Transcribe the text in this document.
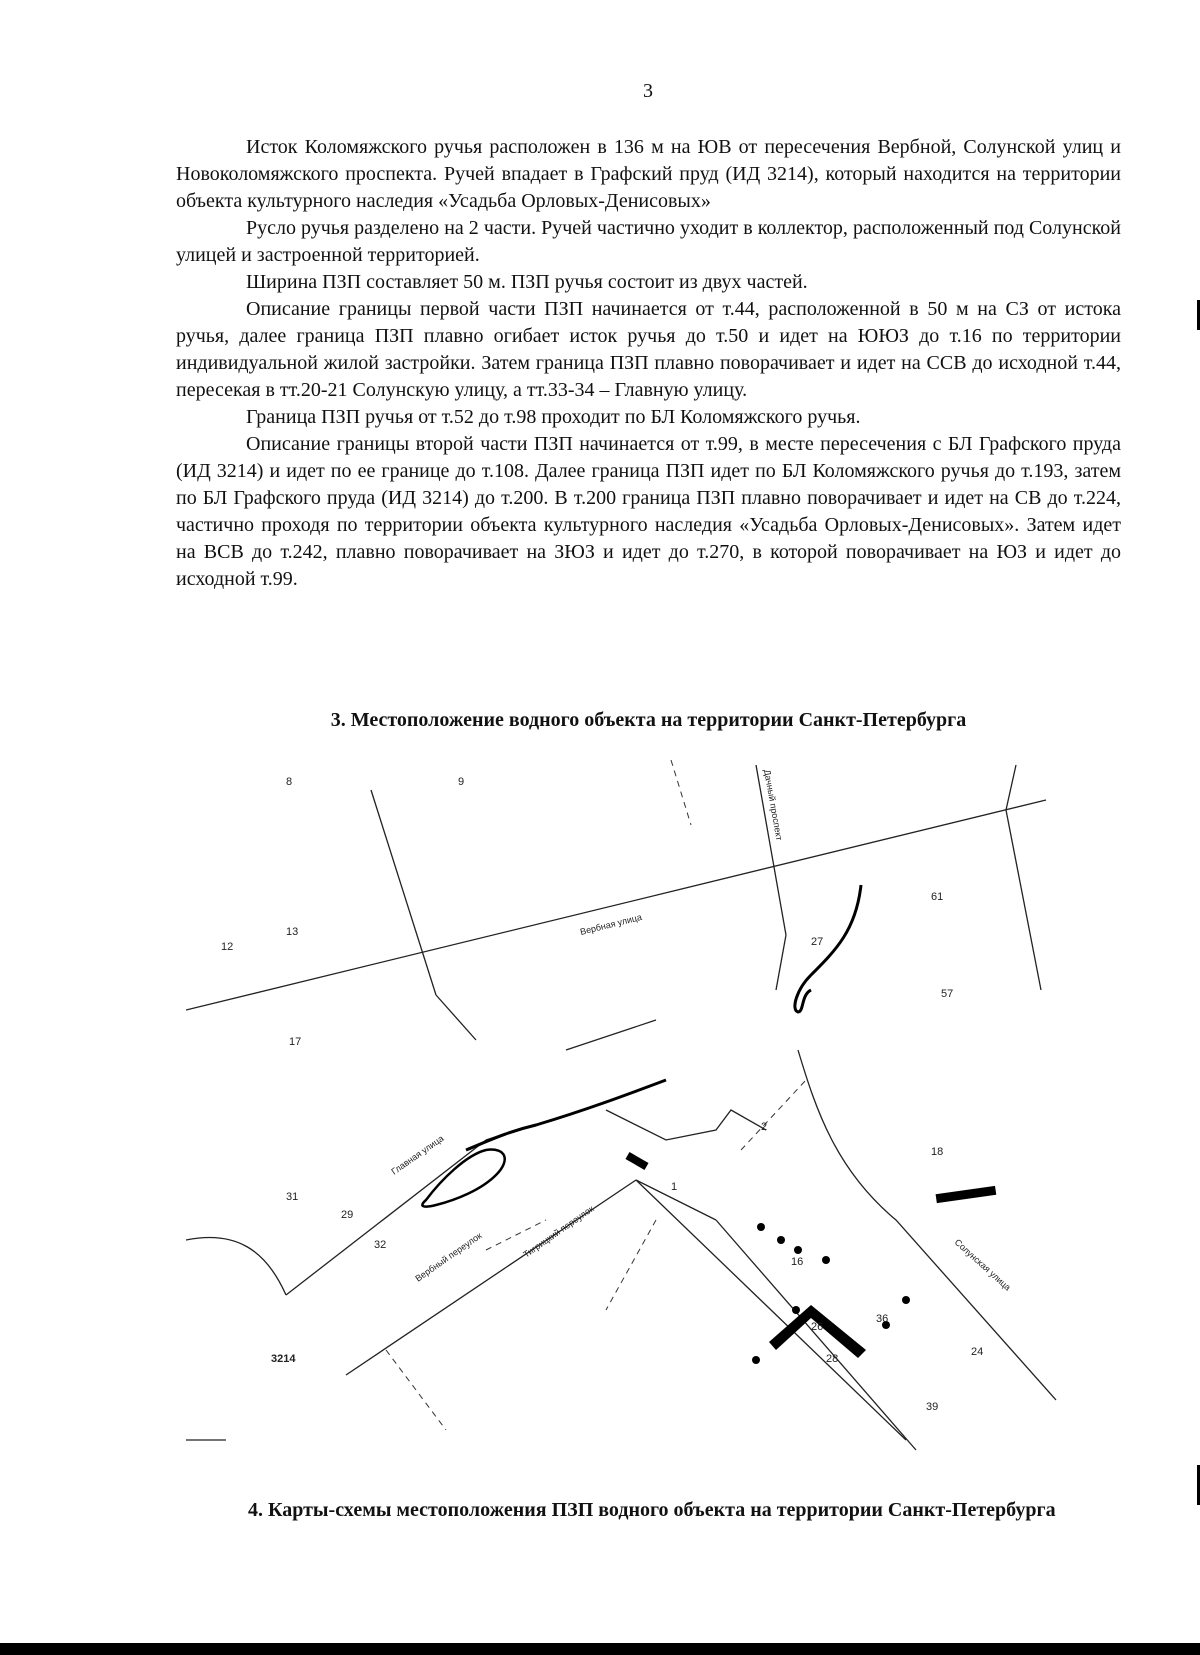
3

Исток Коломяжского ручья расположен в 136 м на ЮВ от пересечения Вербной, Солунской улиц и Новоколомяжского проспекта. Ручей впадает в Графский пруд (ИД 3214), который находится на территории объекта культурного наследия «Усадьба Орловых-Денисовых»

Русло ручья разделено на 2 части. Ручей частично уходит в коллектор, расположенный под Солунской улицей и застроенной территорией.

Ширина ПЗП составляет 50 м. ПЗП ручья состоит из двух частей.

Описание границы первой части ПЗП начинается от т.44, расположенной в 50 м на СЗ от истока ручья, далее граница ПЗП плавно огибает исток ручья до т.50 и идет на ЮЮЗ до т.16 по территории индивидуальной жилой застройки. Затем граница ПЗП плавно поворачивает и идет на ССВ до исходной т.44, пересекая в тт.20-21 Солунскую улицу, а тт.33-34 – Главную улицу.

Граница ПЗП ручья от т.52 до т.98 проходит по БЛ Коломяжского ручья.

Описание границы второй части ПЗП начинается от т.99, в месте пересечения с БЛ Графского пруда (ИД 3214) и идет по ее границе до т.108. Далее граница ПЗП идет по БЛ Коломяжского ручья до т.193, затем по БЛ Графского пруда (ИД 3214) до т.200. В т.200 граница ПЗП плавно поворачивает и идет на СВ до т.224, частично проходя по территории объекта культурного наследия «Усадьба Орловых-Денисовых». Затем идет на ВСВ до т.242, плавно поворачивает на ЗЮЗ и идет до т.270, в которой поворачивает на ЮЗ и идет до исходной т.99.

3. Местоположение водного объекта на территории Санкт-Петербурга
3214
8	9
13
12
17
31
32
29
1
27
61
57
16
18
28
24
36
39
2
26
Вербная улица
Солунская улица
Главная улица
Вербный переулок	Тигрицкий переулок
Дачный проспект
4. Карты-схемы местоположения ПЗП водного объекта на территории Санкт-Петербурга
